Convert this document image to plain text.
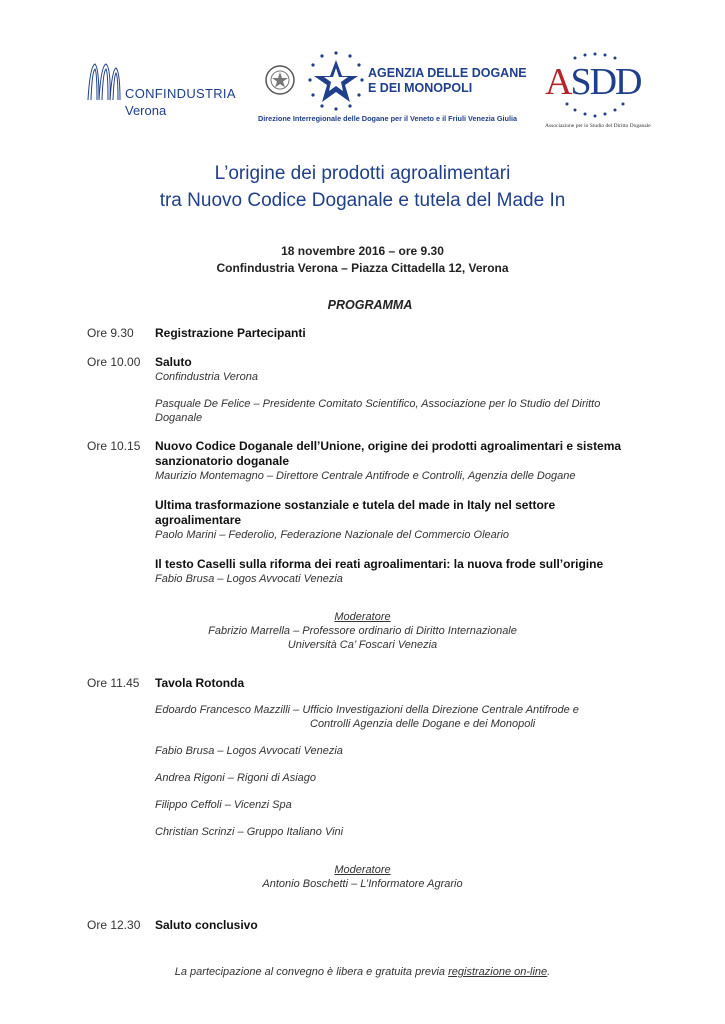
CONFINDUSTRIA
Verona
AGENZIA DELLE DOGANE
E DEI MONOPOLI
Direzione Interregionale delle Dogane per il Veneto e il Friuli Venezia Giulia
ASDD
Associazione per lo Studio del Diritto Doganale
L’origine dei prodotti agroalimentari
tra Nuovo Codice Doganale e tutela del Made In
18 novembre 2016 – ore 9.30
Confindustria Verona – Piazza Cittadella 12, Verona
PROGRAMMA
Ore 9.30 Registrazione Partecipanti
Ore 10.00 Saluto
Confindustria Verona
Pasquale De Felice – Presidente Comitato Scientifico, Associazione per lo Studio del Diritto
Doganale
Ore 10.15 Nuovo Codice Doganale dell’Unione, origine dei prodotti agroalimentari e sistema
sanzionatorio doganale
Maurizio Montemagno – Direttore Centrale Antifrode e Controlli, Agenzia delle Dogane
Ultima trasformazione sostanziale e tutela del made in Italy nel settore
agroalimentare
Paolo Marini – Federolio, Federazione Nazionale del Commercio Oleario
Il testo Caselli sulla riforma dei reati agroalimentari: la nuova frode sull’origine
Fabio Brusa – Logos Avvocati Venezia
Moderatore
Fabrizio Marrella – Professore ordinario di Diritto Internazionale
Università Ca’ Foscari Venezia
Ore 11.45 Tavola Rotonda
Edoardo Francesco Mazzilli – Ufficio Investigazioni della Direzione Centrale Antifrode e
Controlli Agenzia delle Dogane e dei Monopoli
Fabio Brusa – Logos Avvocati Venezia
Andrea Rigoni – Rigoni di Asiago
Filippo Ceffoli – Vicenzi Spa
Christian Scrinzi – Gruppo Italiano Vini
Moderatore
Antonio Boschetti – L’Informatore Agrario
Ore 12.30 Saluto conclusivo
La partecipazione al convegno è libera e gratuita previa registrazione on-line.
